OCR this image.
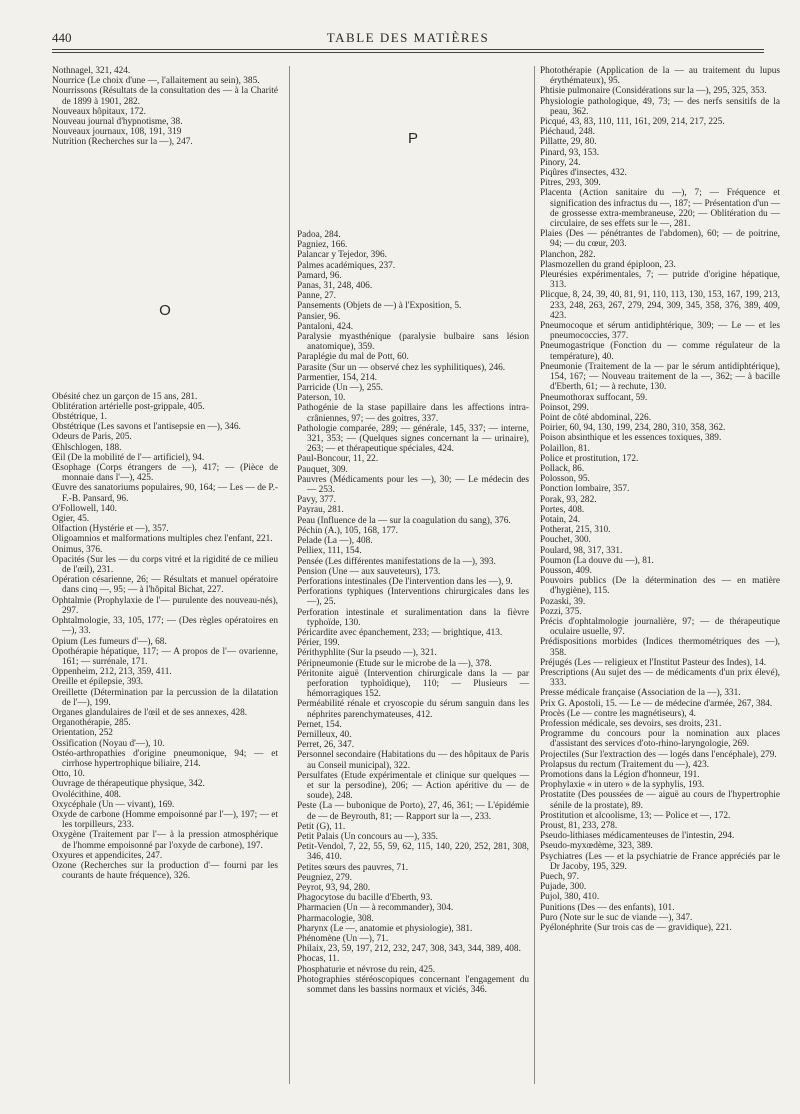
440	TABLE DES MATIÈRES
Nothnagel, 321, 424.
Nourrice (Le choix d'une —, l'allaitement au sein), 385.
Nourrissons (Résultats de la consultation des — à la Charité de 1899 à 1901, 282.
Nouveaux hôpitaux, 172.
Nouveau journal d'hypnotisme, 38.
Nouveaux journaux, 108, 191, 319
Nutrition (Recherches sur la —), 247.
O
Obésité chez un garçon de 15 ans, 281.
Oblitération artérielle post-grippale, 405.
Obstétrique, 1.
Obstétrique (Les savons et l'antisepsie en —), 346.
Odeurs de Paris, 205.
Œhlschlogen, 188.
Œil (De la mobilité de l'— artificiel), 94.
Œsophage (Corps étrangers de —), 417; — (Pièce de monnaie dans l'—), 425.
Œuvre des sanatoriums populaires, 90, 164; — Les — de P.-F.-B. Pansard, 96.
O'Followell, 140.
Ogier, 45.
Olfaction (Hystérie et —), 357.
Oligoamnios et malformations multiples chez l'enfant, 221.
Onimus, 376.
Opacités (Sur les — du corps vitré et la rigidité de ce milieu de l'œil), 231.
Opération césarienne, 26; — Résultats et manuel opératoire dans cinq —, 95; — à l'hôpital Bichat, 227.
Ophtalmie (Prophylaxie de l'— purulente des nouveau-nés), 297.
Ophtalmologie, 33, 105, 177; — (Des règles opératoires en —), 33.
Opium (Les fumeurs d'—), 68.
Opothérapie hépatique, 117; — A propos de l'— ovarienne, 161; — surrénale, 171.
Oppenheim, 212, 213, 359, 411.
Oreille et épilepsie, 393.
Oreillette (Détermination par la percussion de la dilatation de l'—), 199.
Organes glandulaires de l'œil et de ses annexes, 428.
Organothérapie, 285.
Orientation, 252
Ossification (Noyau d'—), 10.
Ostéo-arthropathies d'origine pneumonique, 94; — et cirrhose hypertrophique biliaire, 214.
Otto, 10.
Ouvrage de thérapeutique physique, 342.
Ovolécithine, 408.
Oxycéphale (Un — vivant), 169.
Oxyde de carbone (Homme empoisonné par l'—), 197; — et les torpilleurs, 233.
Oxygène (Traitement par l'— à la pression atmosphérique de l'homme empoisonné par l'oxyde de carbone), 197.
Oxyures et appendicites, 247.
Ozone (Recherches sur la production d'— fourni par les courants de haute fréquence), 326.
P
Padoa, 284.
Pagniez, 166.
Palancar y Tejedor, 396.
Palmes académiques, 237.
Pamard, 96.
Panas, 31, 248, 406.
Panne, 27.
Pansements (Objets de —) à l'Exposition, 5.
Pansier, 96.
Pantaloni, 424.
Paralysie myasthénique (paralysie bulbaire sans lésion anatomique), 359.
Paraplégie du mal de Pott, 60.
Parasite (Sur un — observé chez les syphilitiques), 246.
Parmentier, 154, 214.
Parricide (Un —), 255.
Paterson, 10.
Pathogénie de la stase papillaire dans les affections intra-crâniennes, 97; — des goitres, 337.
Pathologie comparée, 289; — générale, 145, 337; — interne, 321, 353; — (Quelques signes concernant la — urinaire), 263; — et thérapeutique spéciales, 424.
Paul-Boncour, 11, 22.
Pauquet, 309.
Pauvres (Médicaments pour les —), 30; — Le médecin des — 253.
Pavy, 377.
Payrau, 281.
Peau (Influence de la — sur la coagulation du sang), 376.
Péchin (A.), 105, 168, 177.
Pelade (La —), 408.
Pelliex, 111, 154.
Pensée (Les différentes manifestations de la —), 393.
Pension (Une — aux sauveteurs), 173.
Perforations intestinales (De l'intervention dans les —), 9.
Perforations typhiques (Interventions chirurgicales dans les —), 25.
Perforation intestinale et suralimentation dans la fièvre typhoïde, 130.
Péricardite avec épanchement, 233; — brightique, 413.
Périer, 199.
Périthyphlite (Sur la pseudo —), 321.
Péripneumonie (Etude sur le microbe de la —), 378.
Péritonite aiguë (Intervention chirurgicale dans la — par perforation typhoïdique), 110; — Plusieurs — hémorragiques 152.
Perméabilité rénale et cryoscopie du sérum sanguin dans les néphrites parenchymateuses, 412.
Pernet, 154.
Pernilleux, 40.
Perret, 26, 347.
Personnel secondaire (Habitations du — des hôpitaux de Paris au Conseil municipal), 322.
Persulfates (Etude expérimentale et clinique sur quelques — et sur la persodine), 206; — Action apéritive du — de soude), 248.
Peste (La — bubonique de Porto), 27, 46, 361; — L'épidémie de — de Beyrouth, 81; — Rapport sur la —, 233.
Petit (G), 11.
Petit Palais (Un concours au —), 335.
Petit-Vendol, 7, 22, 55, 59, 62, 115, 140, 220, 252, 281, 308, 346, 410.
Petites sœurs des pauvres, 71.
Peugniez, 279.
Peyrot, 93, 94, 280.
Phagocytose du bacille d'Eberth, 93.
Pharmacien (Un — à recommander), 304.
Pharmacologie, 308.
Pharynx (Le —, anatomie et physiologie), 381.
Phénomène (Un —), 71.
Philaix, 23, 59, 197, 212, 232, 247, 308, 343, 344, 389, 408.
Phocas, 11.
Phosphaturie et névrose du rein, 425.
Photographies stéréoscopiques concernant l'engagement du sommet dans les bassins normaux et viciés, 346.
Photothérapie (Application de la — au traitement du lupus érythémateux), 95.
Phtisie pulmonaire (Considérations sur la —), 295, 325, 353.
Physiologie pathologique, 49, 73; — des nerfs sensitifs de la peau, 362.
Picqué, 43, 83, 110, 111, 161, 209, 214, 217, 225.
Piéchaud, 248.
Pillatte, 29, 80.
Pinard, 93, 153.
Pinory, 24.
Piqûres d'insectes, 432.
Pitres, 293, 309.
Placenta (Action sanitaire du —), 7; — Fréquence et signification des infractus du —, 187; — Présentation d'un — de grossesse extra-membraneuse, 220; — Oblitération du — circulaire, de ses effets sur le —, 281.
Plaies (Des — pénétrantes de l'abdomen), 60; — de poitrine, 94; — du cœur, 203.
Planchon, 282.
Plasmozellen du grand épiploon, 23.
Pleurésies expérimentales, 7; — putride d'origine hépatique, 313.
Plicque, 8, 24, 39, 40, 81, 91, 110, 113, 130, 153, 167, 199, 213, 233, 248, 263, 267, 279, 294, 309, 345, 358, 376, 389, 409, 423.
Pneumocoque et sérum antidiphtérique, 309; — Le — et les pneumococcies, 377.
Pneumogastrique (Fonction du — comme régulateur de la température), 40.
Pneumonie (Traitement de la — par le sérum antidiphtérique), 154, 167; — Nouveau traitement de la —, 362; — à bacille d'Eberth, 61; — à rechute, 130.
Pneumothorax suffocant, 59.
Poinsot, 299.
Point de côté abdominal, 226.
Poirier, 60, 94, 130, 199, 234, 280, 310, 358, 362.
Poison absinthique et les essences toxiques, 389.
Polaillon, 81.
Police et prostitution, 172.
Pollack, 86.
Polosson, 95.
Ponction lombaire, 357.
Porak, 93, 282.
Portes, 408.
Potain, 24.
Potherat, 215, 310.
Pouchet, 300.
Poulard, 98, 317, 331.
Poumon (La douve du —), 81.
Pousson, 409.
Pouvoirs publics (De la détermination des — en matière d'hygiène), 115.
Pozaski, 39.
Pozzi, 375.
Précis d'ophtalmologie journalière, 97; — de thérapeutique oculaire usuelle, 97.
Prédispositions morbides (Indices thermométriques des —), 358.
Préjugés (Les — religieux et l'Institut Pasteur des Indes), 14.
Prescriptions (Au sujet des — de médicaments d'un prix élevé), 333.
Presse médicale française (Association de la —), 331.
Prix G. Apostoli, 15. — Le — de médecine d'armée, 267, 384.
Procès (Le — contre les magnétiseurs), 4.
Profession médicale, ses devoirs, ses droits, 231.
Programme du concours pour la nomination aux places d'assistant des services d'oto-rhino-laryngologie, 269.
Projectiles (Sur l'extraction des — logés dans l'encéphale), 279.
Prolapsus du rectum (Traitement du —), 423.
Promotions dans la Légion d'honneur, 191.
Prophylaxie « in utero » de la syphylis, 193.
Prostatite (Des poussées de — aiguë au cours de l'hypertrophie sénile de la prostate), 89.
Prostitution et alcoolisme, 13; — Police et —, 172.
Proust, 81, 233, 278.
Pseudo-lithiases médicamenteuses de l'intestin, 294.
Pseudo-myxœdème, 323, 389.
Psychiatres (Les — et la psychiatrie de France appréciés par le Dr Jacoby, 195, 329.
Puech, 97.
Pujade, 300.
Pujol, 380, 410.
Punitions (Des — des enfants), 101.
Puro (Note sur le suc de viande —), 347.
Pyélonéphrite (Sur trois cas de — gravidique), 221.
